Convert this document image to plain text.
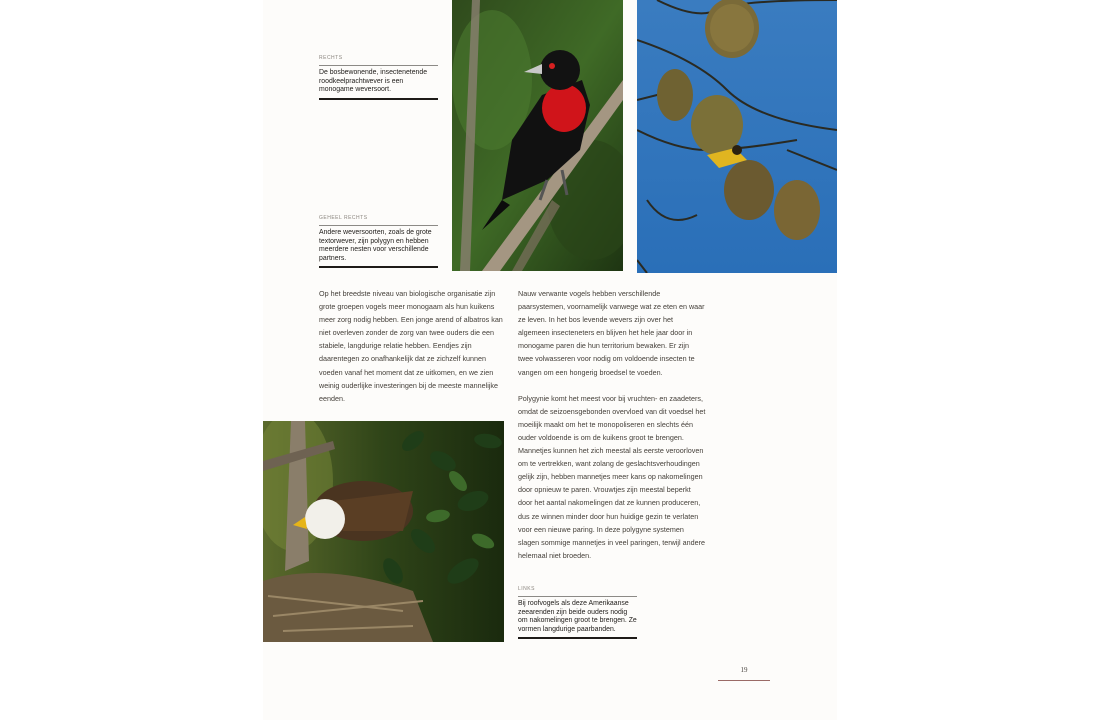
RECHTS
De bosbewonende, insectenetende roodkeelprachtwever is een monogame weversoort.
GEHEEL RECHTS
Andere weversoorten, zoals de grote textorwever, zijn polygyn en hebben meerdere nesten voor verschillende partners.

Op het breedste niveau van biologische organisatie zijn grote groepen vogels meer monogaam als hun kuikens meer zorg nodig hebben. Een jonge arend of albatros kan niet overleven zonder de zorg van twee ouders die een stabiele, langdurige relatie hebben. Eendjes zijn daarentegen zo onafhankelijk dat ze zichzelf kunnen voeden vanaf het moment dat ze uitkomen, en we zien weinig ouderlijke investeringen bij de meeste mannelijke eenden.

Nauw verwante vogels hebben verschillende paarsystemen, voornamelijk vanwege wat ze eten en waar ze leven. In het bos levende wevers zijn over het algemeen insecteneters en blijven het hele jaar door in monogame paren die hun territorium bewaken. Er zijn twee volwasseren voor nodig om voldoende insecten te vangen om een hongerig broedsel te voeden.

Polygynie komt het meest voor bij vruchten- en zaadeters, omdat de seizoensgebonden overvloed van dit voedsel het moeilijk maakt om het te monopoliseren en slechts één ouder voldoende is om de kuikens groot te brengen. Mannetjes kunnen het zich meestal als eerste veroorloven om te vertrekken, want zolang de geslachtsverhoudingen gelijk zijn, hebben mannetjes meer kans op nakomelingen door opnieuw te paren. Vrouwtjes zijn meestal beperkt door het aantal nakomelingen dat ze kunnen produceren, dus ze winnen minder door hun huidige gezin te verlaten voor een nieuwe paring. In deze polygyne systemen slagen sommige mannetjes in veel paringen, terwijl andere helemaal niet broeden.

LINKS
Bij roofvogels als deze Amerikaanse zeearenden zijn beide ouders nodig om nakomelingen groot te brengen. Ze vormen langdurige paarbanden.
19
